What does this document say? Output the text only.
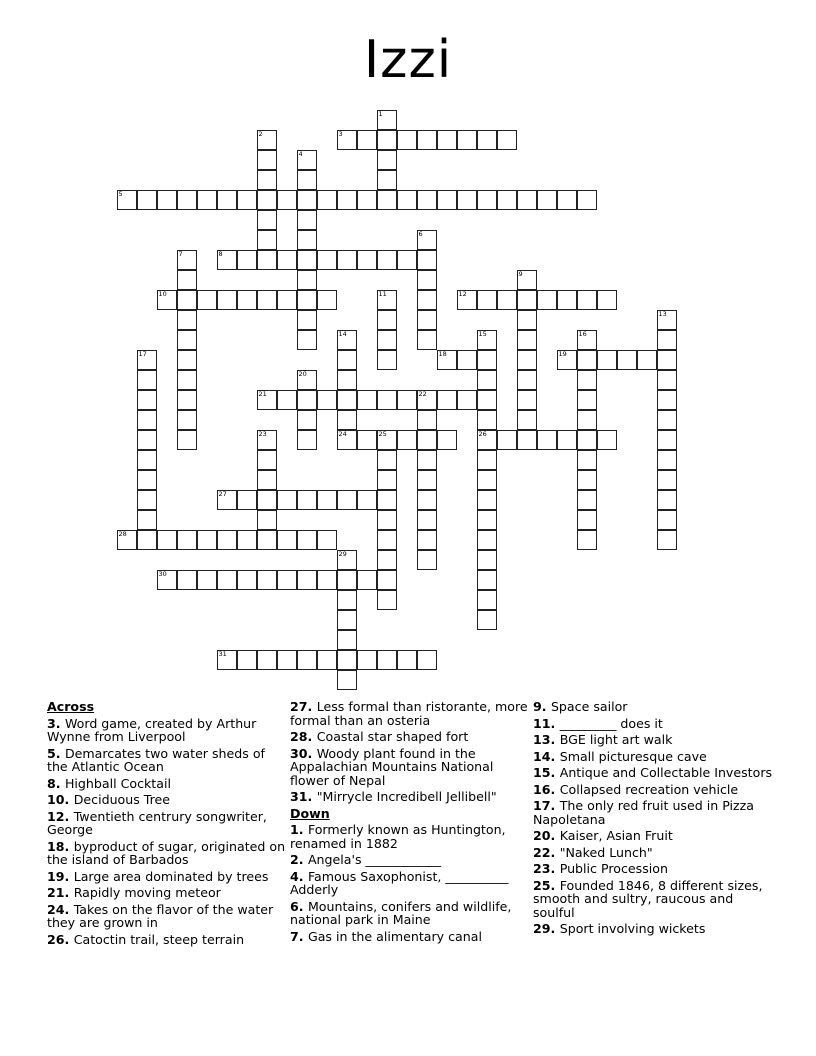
Izzi
1
2	3
4
5
6
7	8
9
10	11	12
13
14
24
15
26
16
17	18	19
20
21	22
23	25
27
28
29
30
31
Across
3. Word game, created by Arthur Wynne from Liverpool
5. Demarcates two water sheds of the Atlantic Ocean
8. Highball Cocktail
10. Deciduous Tree
12. Twentieth centrury songwriter, George
18. byproduct of sugar, originated on the island of Barbados
19. Large area dominated by trees
21. Rapidly moving meteor
24. Takes on the flavor of the water they are grown in
26. Catoctin trail, steep terrain
27. Less formal than ristorante, more formal than an osteria
28. Coastal star shaped fort
30. Woody plant found in the Appalachian Mountains National flower of Nepal
31. "Mirrycle Incredibell Jellibell"
Down
1. Formerly known as Huntington, renamed in 1882
2. Angela's ____________
4. Famous Saxophonist, __________ Adderly
6. Mountains, conifers and wildlife, national park in Maine
7. Gas in the alimentary canal
9. Space sailor
11. _________ does it
13. BGE light art walk
14. Small picturesque cave
15. Antique and Collectable Investors
16. Collapsed recreation vehicle
17. The only red fruit used in Pizza Napoletana
20. Kaiser, Asian Fruit
22. "Naked Lunch"
23. Public Procession
25. Founded 1846, 8 different sizes, smooth and sultry, raucous and soulful
29. Sport involving wickets
